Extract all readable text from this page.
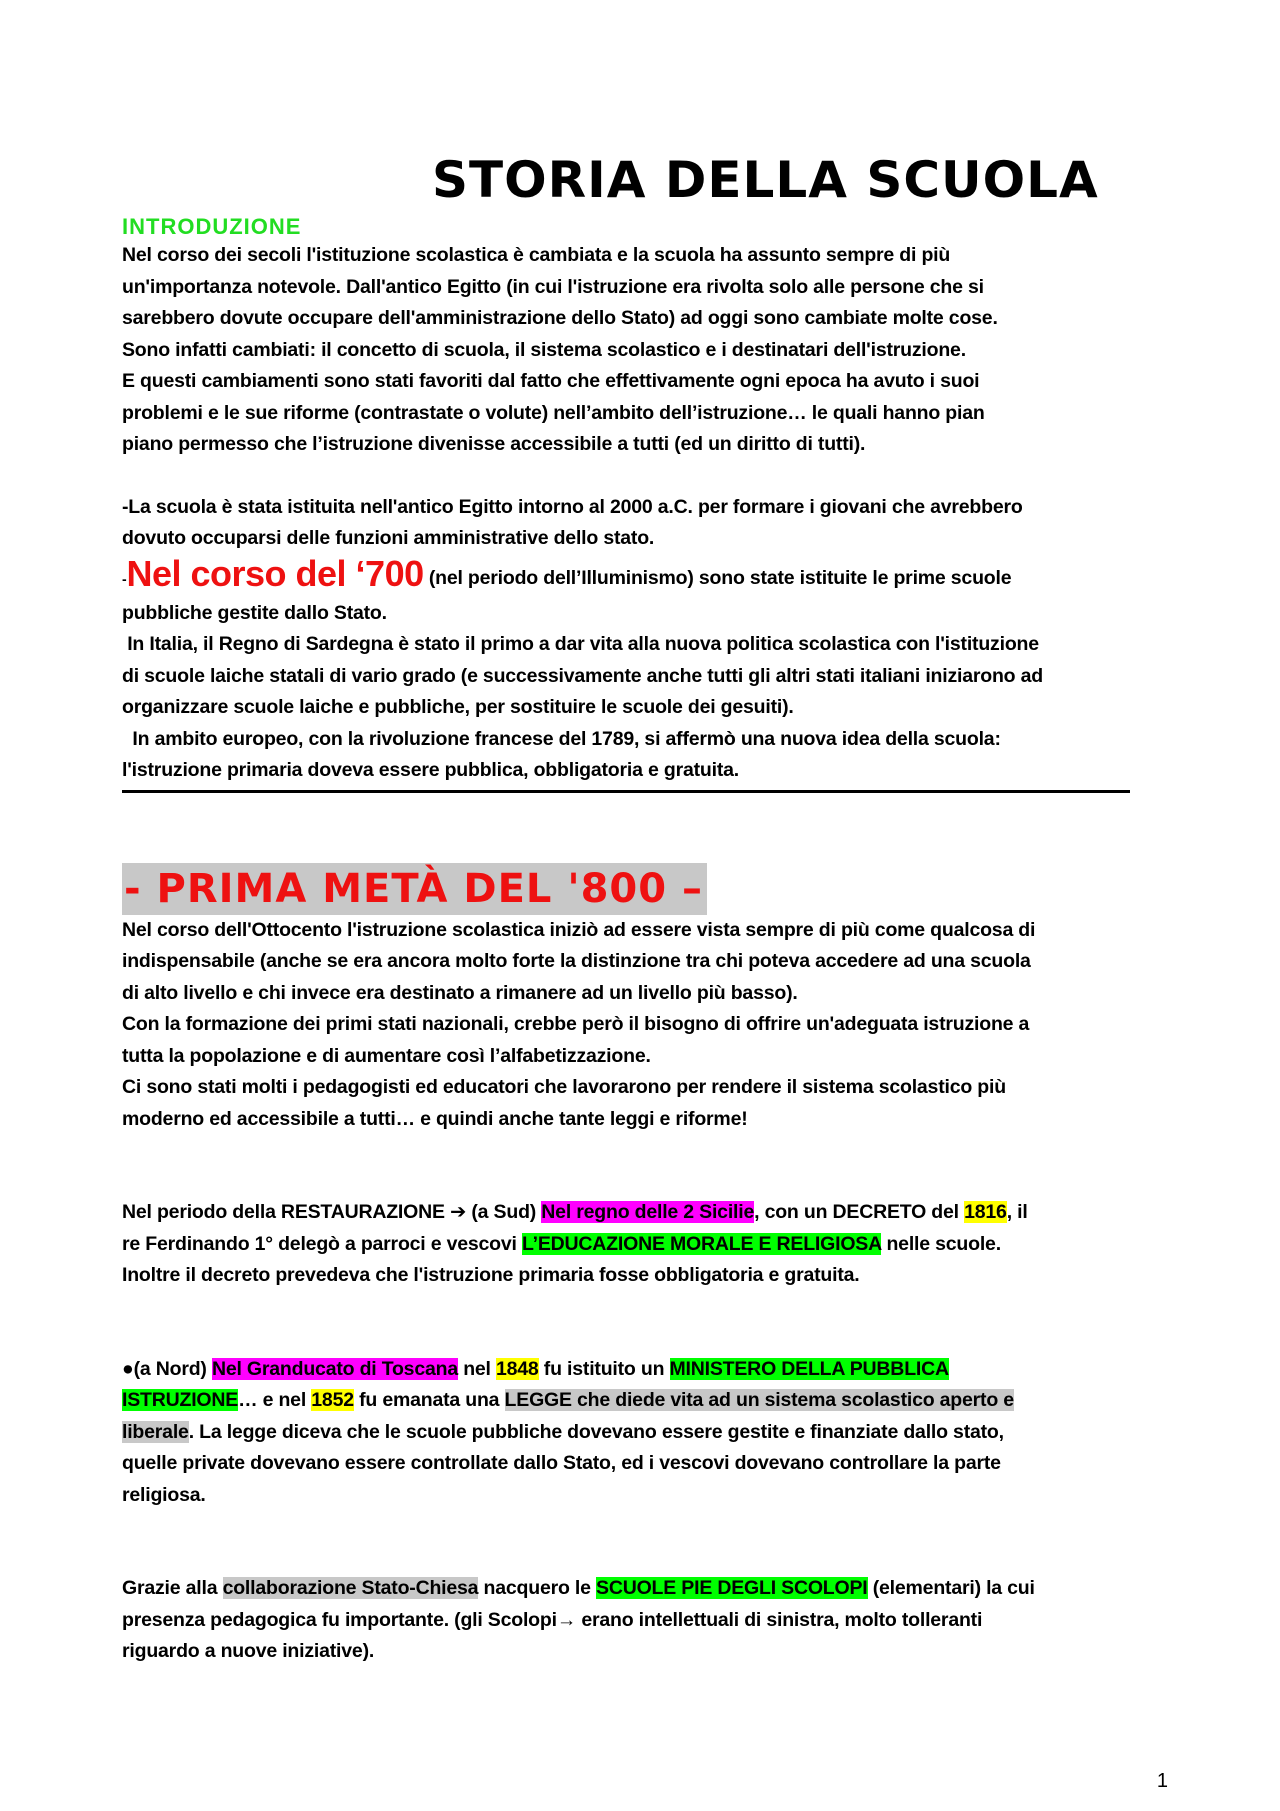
STORIA DELLA SCUOLA
INTRODUZIONE

Nel corso dei secoli l'istituzione scolastica è cambiata e la scuola ha assunto sempre di più

un'importanza notevole. Dall'antico Egitto (in cui l'istruzione era rivolta solo alle persone che si

sarebbero dovute occupare dell'amministrazione dello Stato) ad oggi sono cambiate molte cose.

Sono infatti cambiati: il concetto di scuola, il sistema scolastico e i destinatari dell'istruzione.

E questi cambiamenti sono stati favoriti dal fatto che effettivamente ogni epoca ha avuto i suoi

problemi e le sue riforme (contrastate o volute) nell’ambito dell’istruzione… le quali hanno pian

piano permesso che l’istruzione divenisse accessibile a tutti (ed un diritto di tutti).

-La scuola è stata istituita nell'antico Egitto intorno al 2000 a.C. per formare i giovani che avrebbero

dovuto occuparsi delle funzioni amministrative dello stato.

-Nel corso del ‘700 (nel periodo dell’Illuminismo) sono state istituite le prime scuole

pubbliche gestite dallo Stato.

In Italia, il Regno di Sardegna è stato il primo a dar vita alla nuova politica scolastica con l'istituzione

di scuole laiche statali di vario grado (e successivamente anche tutti gli altri stati italiani iniziarono ad

organizzare scuole laiche e pubbliche, per sostituire le scuole dei gesuiti).

In ambito europeo, con la rivoluzione francese del 1789, si affermò una nuova idea della scuola:

l'istruzione primaria doveva essere pubblica, obbligatoria e gratuita.

- PRIMA METÀ DEL '800 –

Nel corso dell'Ottocento l'istruzione scolastica iniziò ad essere vista sempre di più come qualcosa di

indispensabile (anche se era ancora molto forte la distinzione tra chi poteva accedere ad una scuola

di alto livello e chi invece era destinato a rimanere ad un livello più basso).

Con la formazione dei primi stati nazionali, crebbe però il bisogno di offrire un'adeguata istruzione a

tutta la popolazione e di aumentare così l’alfabetizzazione.

Ci sono stati molti i pedagogisti ed educatori che lavorarono per rendere il sistema scolastico più

moderno ed accessibile a tutti… e quindi anche tante leggi e riforme!

Nel periodo della RESTAURAZIONE ➔ (a Sud) Nel regno delle 2 Sicilie, con un DECRETO del 1816, il

re Ferdinando 1° delegò a parroci e vescovi L’EDUCAZIONE MORALE E RELIGIOSA nelle scuole.

Inoltre il decreto prevedeva che l'istruzione primaria fosse obbligatoria e gratuita.

●(a Nord) Nel Granducato di Toscana nel 1848 fu istituito un MINISTERO DELLA PUBBLICA

ISTRUZIONE… e nel 1852 fu emanata una LEGGE che diede vita ad un sistema scolastico aperto e

liberale. La legge diceva che le scuole pubbliche dovevano essere gestite e finanziate dallo stato,

quelle private dovevano essere controllate dallo Stato, ed i vescovi dovevano controllare la parte

religiosa.

Grazie alla collaborazione Stato-Chiesa nacquero le SCUOLE PIE DEGLI SCOLOPI (elementari) la cui

presenza pedagogica fu importante. (gli Scolopi→ erano intellettuali di sinistra, molto tolleranti

riguardo a nuove iniziative).

1
